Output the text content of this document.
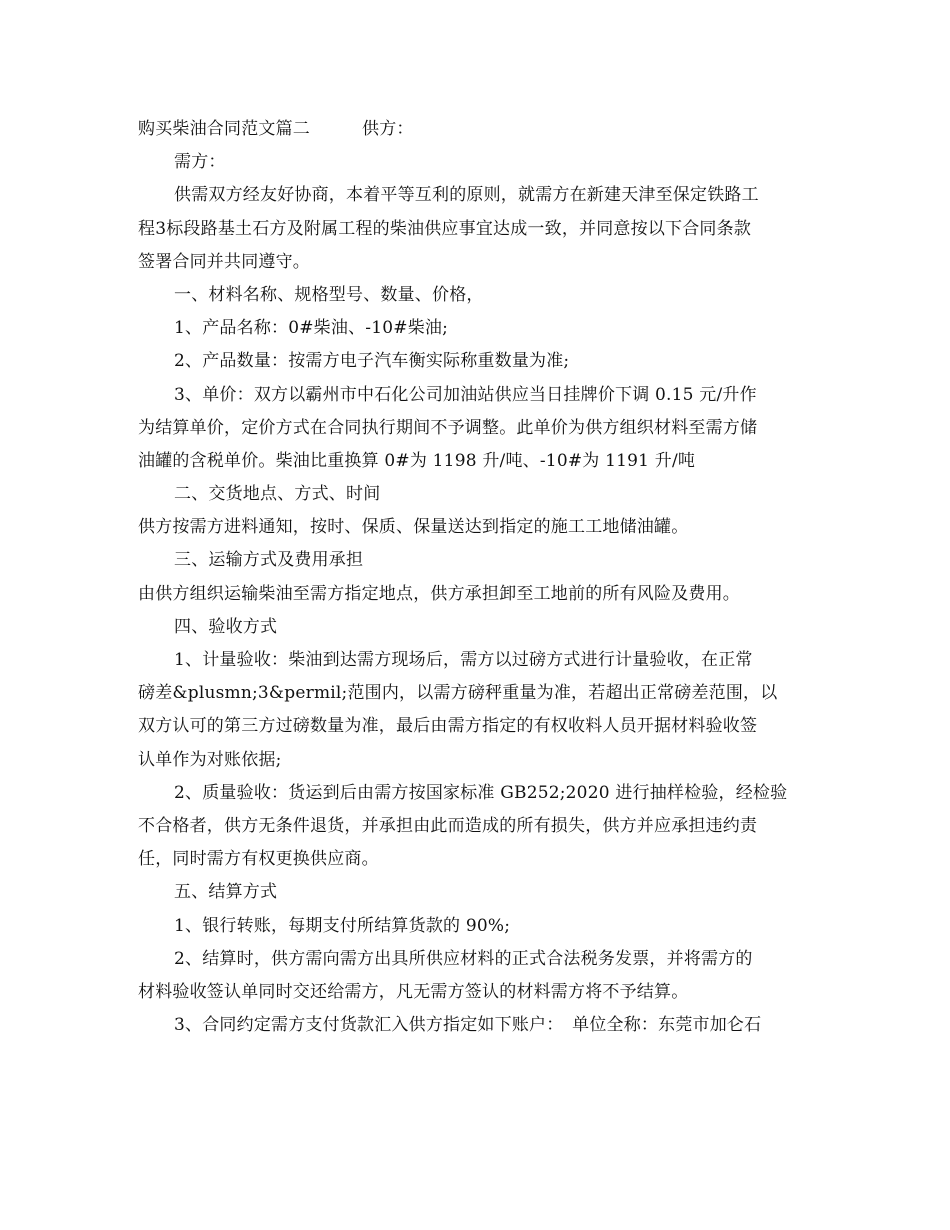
购买柴油合同范文篇二	供方：
需方：
供需双方经友好协商，本着平等互利的原则，就需方在新建天津至保定铁路工
程3标段路基土石方及附属工程的柴油供应事宜达成一致，并同意按以下合同条款
签署合同并共同遵守。
一、材料名称、规格型号、数量、价格，
1、产品名称：0#柴油、-10#柴油;
2、产品数量：按需方电子汽车衡实际称重数量为准;
3、单价：双方以霸州市中石化公司加油站供应当日挂牌价下调 0.15 元/升作
为结算单价，定价方式在合同执行期间不予调整。此单价为供方组织材料至需方储
油罐的含税单价。柴油比重换算 0#为 1198 升/吨、-10#为 1191 升/吨
二、交货地点、方式、时间
供方按需方进料通知，按时、保质、保量送达到指定的施工工地储油罐。
三、运输方式及费用承担
由供方组织运输柴油至需方指定地点，供方承担卸至工地前的所有风险及费用。
四、验收方式
1、计量验收：柴油到达需方现场后，需方以过磅方式进行计量验收，在正常
磅差&plusmn;3&permil;范围内，以需方磅秤重量为准，若超出正常磅差范围，以
双方认可的第三方过磅数量为准，最后由需方指定的有权收料人员开据材料验收签
认单作为对账依据;
2、质量验收：货运到后由需方按国家标准 GB252;2020 进行抽样检验，经检验
不合格者，供方无条件退货，并承担由此而造成的所有损失，供方并应承担违约责
任，同时需方有权更换供应商。
五、结算方式
1、银行转账，每期支付所结算货款的 90%;
2、结算时，供方需向需方出具所供应材料的正式合法税务发票，并将需方的
材料验收签认单同时交还给需方，凡无需方签认的材料需方将不予结算。
3、合同约定需方支付货款汇入供方指定如下账户：　单位全称：东莞市加仑石
